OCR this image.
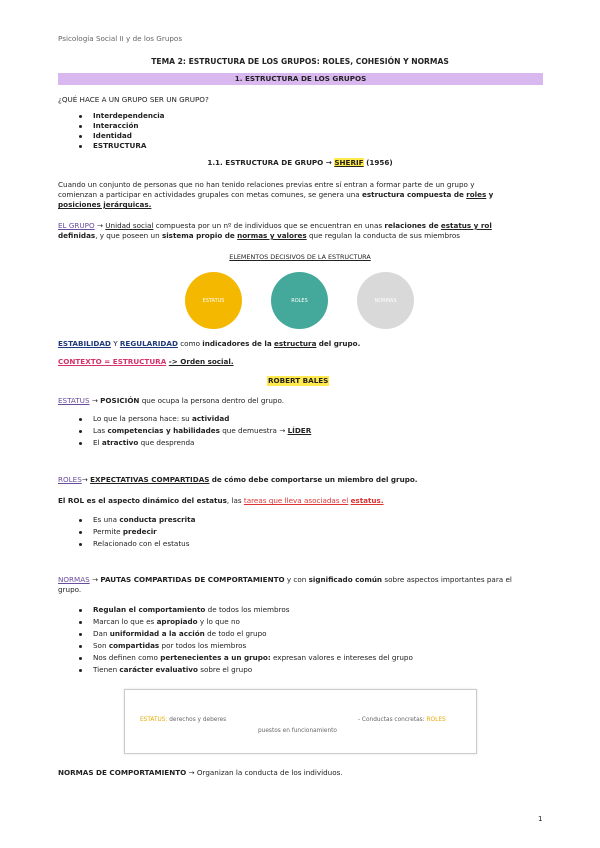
Psicología Social II y de los Grupos
TEMA 2: ESTRUCTURA DE LOS GRUPOS: ROLES, COHESIÓN Y NORMAS
1. ESTRUCTURA DE LOS GRUPOS
¿QUÉ HACE A UN GRUPO SER UN GRUPO?
Interdependencia
Interacción
Identidad
ESTRUCTURA
1.1. ESTRUCTURA DE GRUPO → SHERIF (1956)
Cuando un conjunto de personas que no han tenido relaciones previas entre sí entran a formar parte de un grupo y
comienzan a participar en actividades grupales con metas comunes, se genera una estructura compuesta de roles y
posiciones jerárquicas.
EL GRUPO → Unidad social compuesta por un nº de individuos que se encuentran en unas relaciones de estatus y rol
definidas, y que poseen un sistema propio de normas y valores que regulan la conducta de sus miembros
ELEMENTOS DECISIVOS DE LA ESTRUCTURA
ESTATUS	ROLES	NORMAS
ESTABILIDAD Y REGULARIDAD como indicadores de la estructura del grupo.
CONTEXTO = ESTRUCTURA -> Orden social.
ROBERT BALES
ESTATUS → POSICIÓN que ocupa la persona dentro del grupo.
Lo que la persona hace: su actividad
Las competencias y habilidades que demuestra → LÍDER
El atractivo que desprenda
ROLES→ EXPECTATIVAS COMPARTIDAS de cómo debe comportarse un miembro del grupo.
El ROL es el aspecto dinámico del estatus, las tareas que lleva asociadas el estatus.
Es una conducta prescrita
Permite predecir
Relacionado con el estatus
NORMAS → PAUTAS COMPARTIDAS DE COMPORTAMIENTO y con significado común sobre aspectos importantes para el
grupo.
Regulan el comportamiento de todos los miembros
Marcan lo que es apropiado y lo que no
Dan uniformidad a la acción de todo el grupo
Son compartidas por todos los miembros
Nos definen como pertenecientes a un grupo: expresan valores e intereses del grupo
Tienen carácter evaluativo sobre el grupo
ESTATUS: derechos y deberes
puestos en funcionamiento
- Conductas concretas: ROLES
NORMAS DE COMPORTAMIENTO → Organizan la conducta de los individuos.
1
